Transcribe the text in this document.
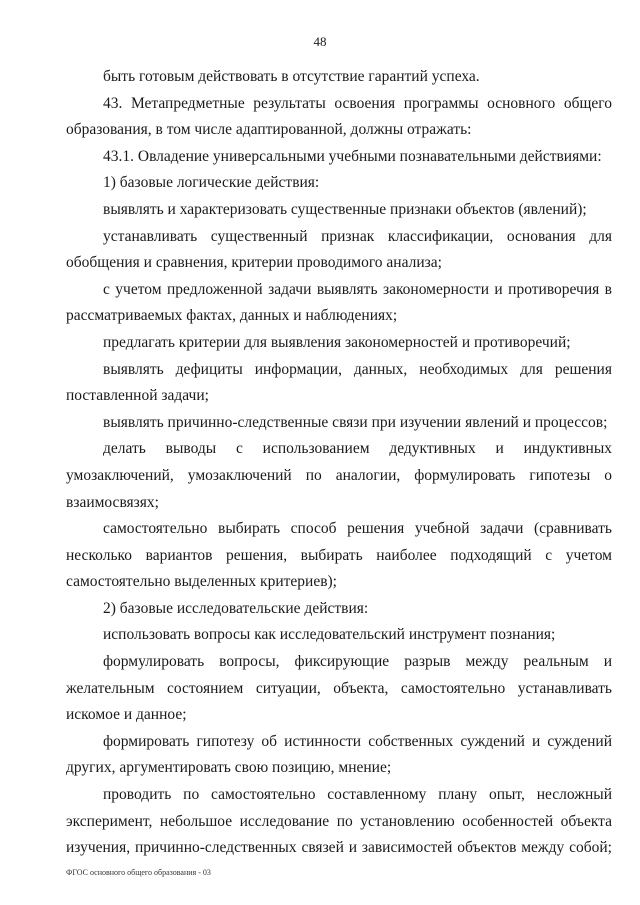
48

быть готовым действовать в отсутствие гарантий успеха.

43. Метапредметные результаты освоения программы основного общего образования, в том числе адаптированной, должны отражать:

43.1. Овладение универсальными учебными познавательными действиями:

1) базовые логические действия:

выявлять и характеризовать существенные признаки объектов (явлений);

устанавливать существенный признак классификации, основания для обобщения и сравнения, критерии проводимого анализа;

с учетом предложенной задачи выявлять закономерности и противоречия в рассматриваемых фактах, данных и наблюдениях;

предлагать критерии для выявления закономерностей и противоречий;

выявлять дефициты информации, данных, необходимых для решения поставленной задачи;

выявлять причинно-следственные связи при изучении явлений и процессов;

делать выводы с использованием дедуктивных и индуктивных умозаключений, умозаключений по аналогии, формулировать гипотезы о взаимосвязях;

самостоятельно выбирать способ решения учебной задачи (сравнивать несколько вариантов решения, выбирать наиболее подходящий с учетом самостоятельно выделенных критериев);

2) базовые исследовательские действия:

использовать вопросы как исследовательский инструмент познания;

формулировать вопросы, фиксирующие разрыв между реальным и желательным состоянием ситуации, объекта, самостоятельно устанавливать искомое и данное;

формировать гипотезу об истинности собственных суждений и суждений других, аргументировать свою позицию, мнение;

проводить по самостоятельно составленному плану опыт, несложный эксперимент, небольшое исследование по установлению особенностей объекта изучения, причинно-следственных связей и зависимостей объектов между собой;

ФГОС основного общего образования - 03
